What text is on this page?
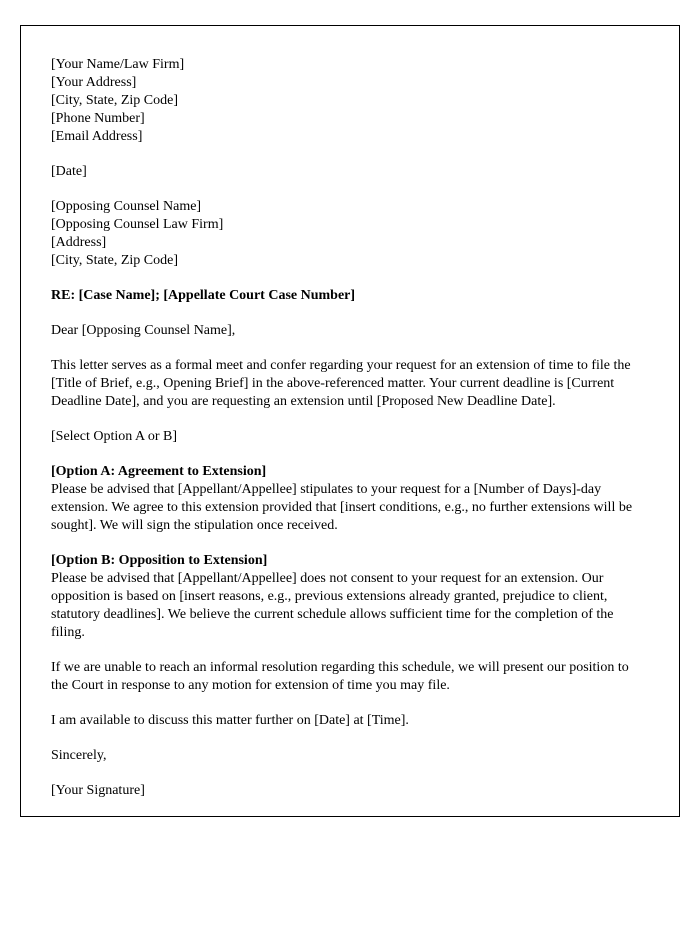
[Your Name/Law Firm]
[Your Address]
[City, State, Zip Code]
[Phone Number]
[Email Address]
[Date]
[Opposing Counsel Name]
[Opposing Counsel Law Firm]
[Address]
[City, State, Zip Code]
RE: [Case Name]; [Appellate Court Case Number]
Dear [Opposing Counsel Name],
This letter serves as a formal meet and confer regarding your request for an extension of time to file the [Title of Brief, e.g., Opening Brief] in the above-referenced matter. Your current deadline is [Current Deadline Date], and you are requesting an extension until [Proposed New Deadline Date].
[Select Option A or B]
[Option A: Agreement to Extension]
Please be advised that [Appellant/Appellee] stipulates to your request for a [Number of Days]-day extension. We agree to this extension provided that [insert conditions, e.g., no further extensions will be sought]. We will sign the stipulation once received.
[Option B: Opposition to Extension]
Please be advised that [Appellant/Appellee] does not consent to your request for an extension. Our opposition is based on [insert reasons, e.g., previous extensions already granted, prejudice to client, statutory deadlines]. We believe the current schedule allows sufficient time for the completion of the filing.
If we are unable to reach an informal resolution regarding this schedule, we will present our position to the Court in response to any motion for extension of time you may file.
I am available to discuss this matter further on [Date] at [Time].
Sincerely,
[Your Signature]
